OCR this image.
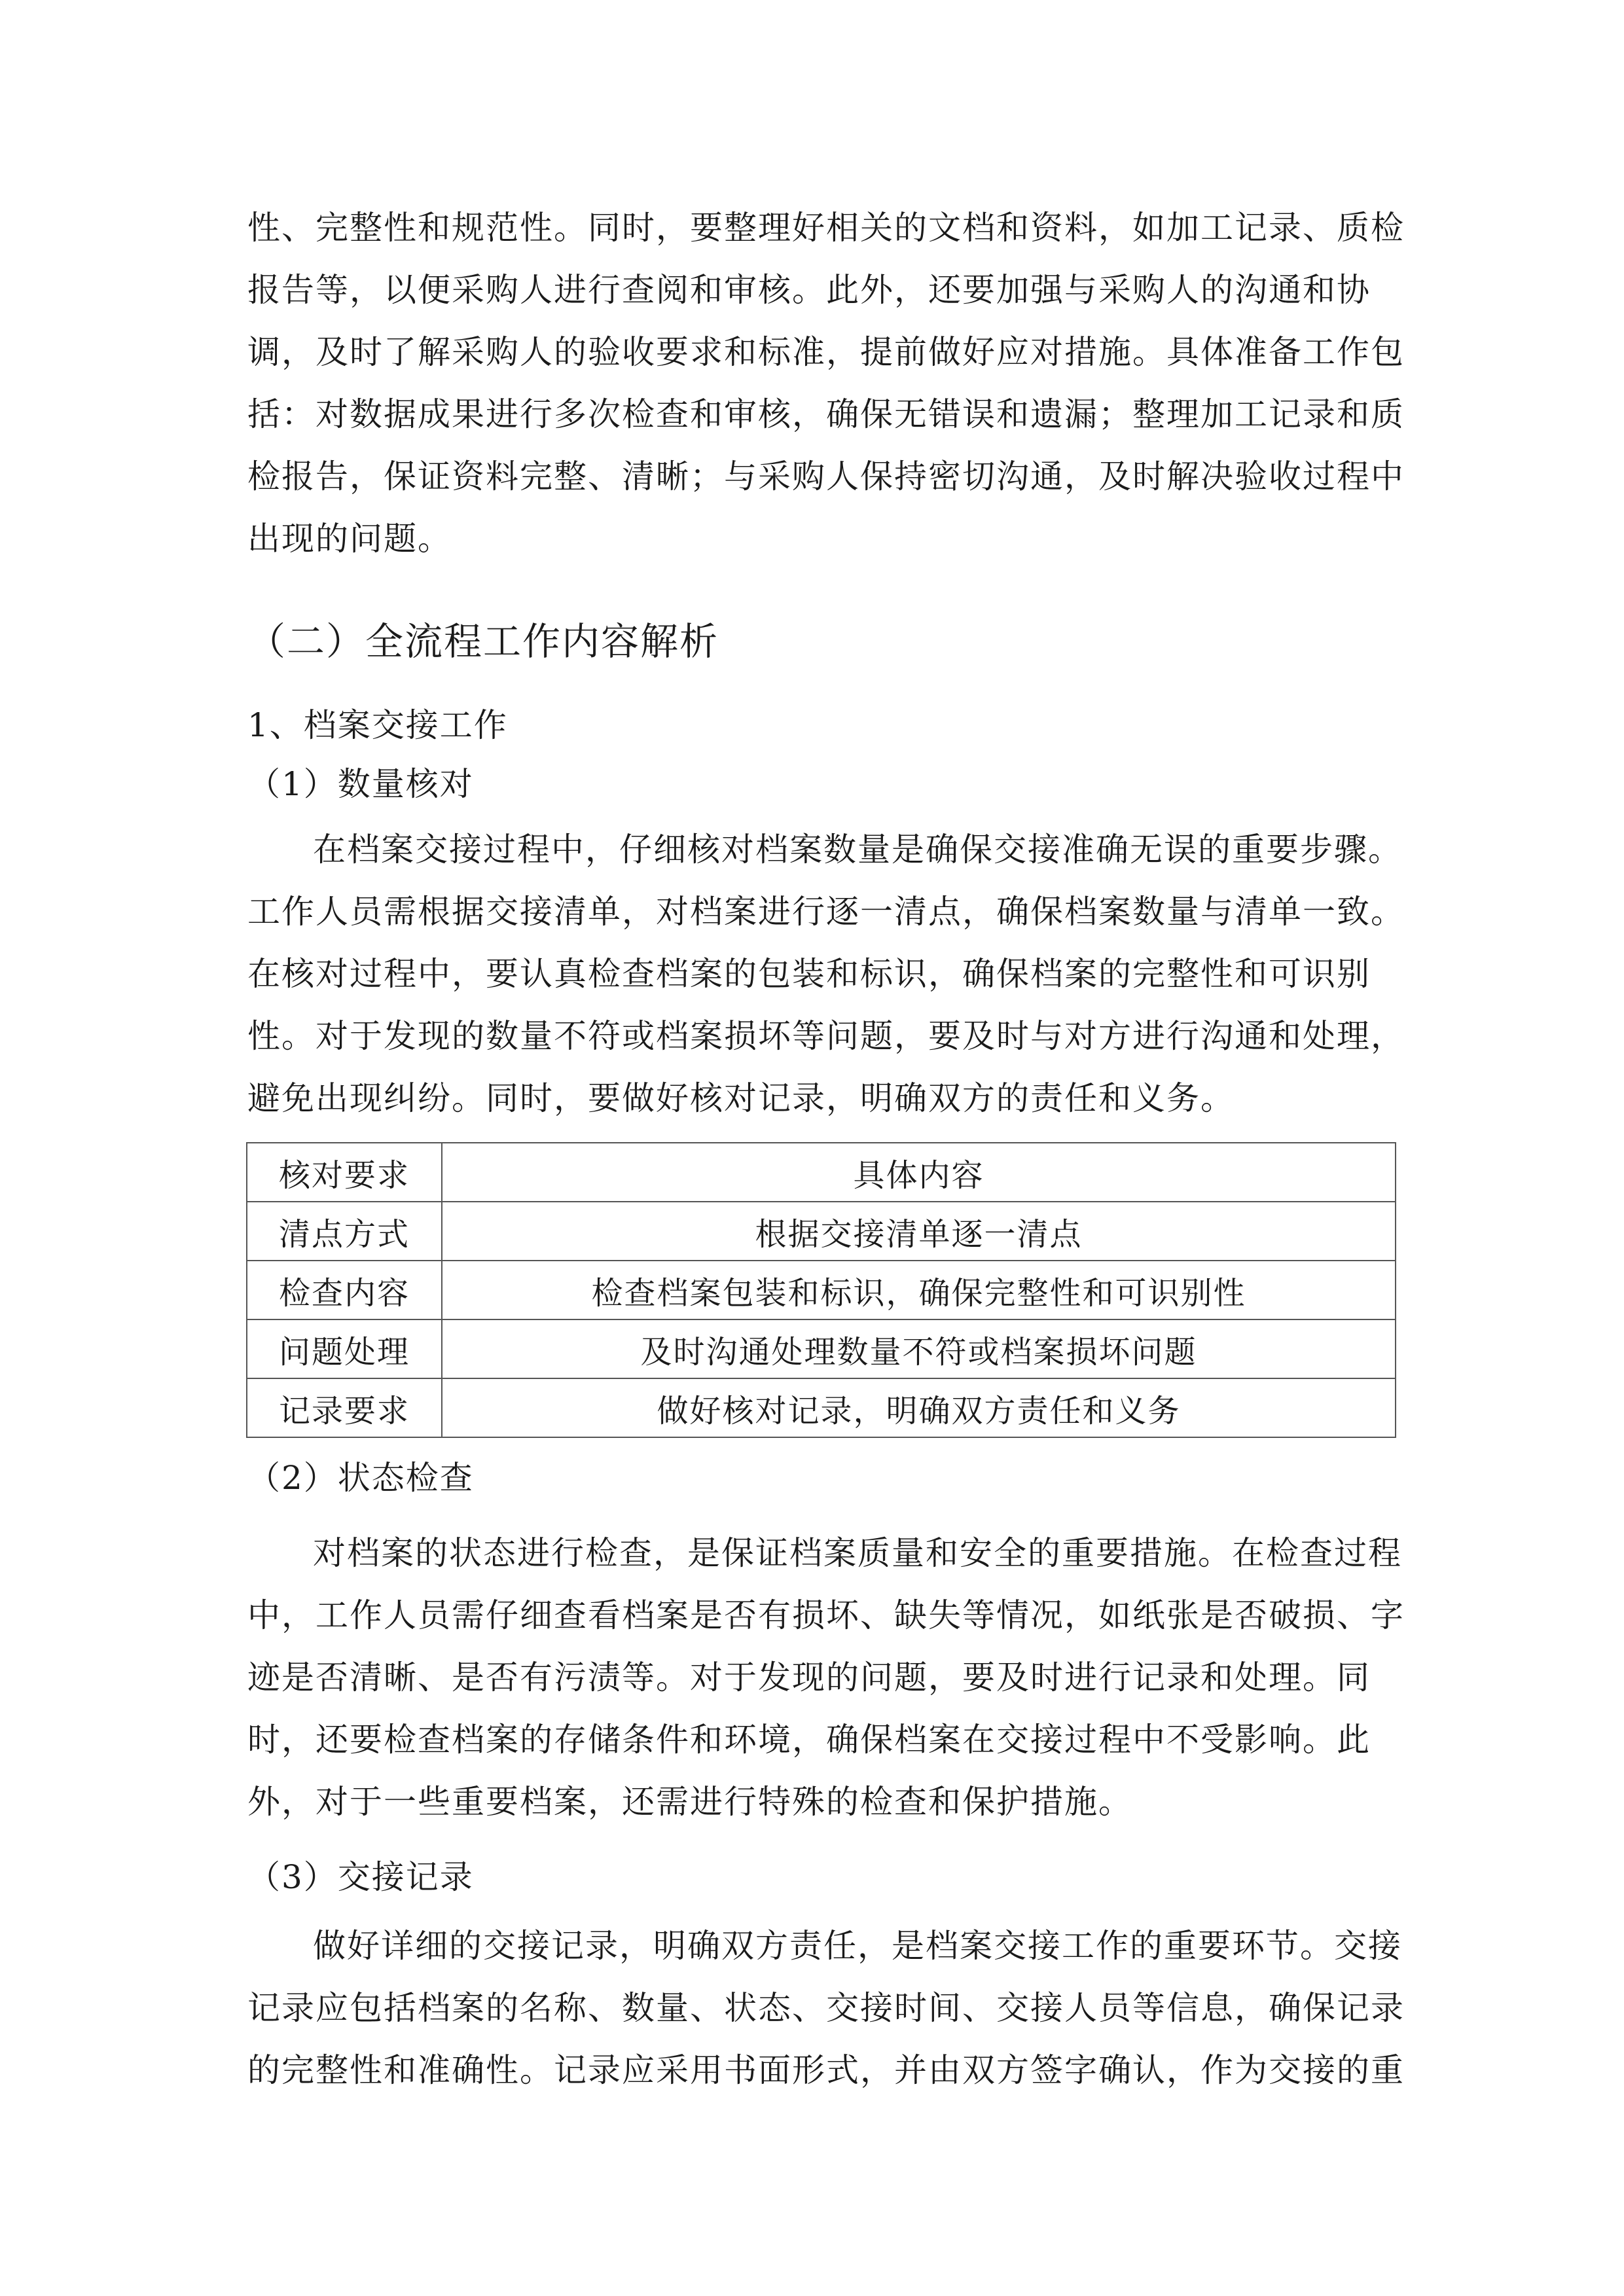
性、完整性和规范性。同时，要整理好相关的文档和资料，如加工记录、质检
报告等，以便采购人进行查阅和审核。此外，还要加强与采购人的沟通和协
调，及时了解采购人的验收要求和标准，提前做好应对措施。具体准备工作包
括：对数据成果进行多次检查和审核，确保无错误和遗漏；整理加工记录和质
检报告，保证资料完整、清晰；与采购人保持密切沟通，及时解决验收过程中
出现的问题。
（二）全流程工作内容解析
1、档案交接工作
（1）数量核对
在档案交接过程中，仔细核对档案数量是确保交接准确无误的重要步骤。
工作人员需根据交接清单，对档案进行逐一清点，确保档案数量与清单一致。
在核对过程中，要认真检查档案的包装和标识，确保档案的完整性和可识别
性。对于发现的数量不符或档案损坏等问题，要及时与对方进行沟通和处理，
避免出现纠纷。同时，要做好核对记录，明确双方的责任和义务。
核对要求	具体内容
清点方式	根据交接清单逐一清点
检查内容	检查档案包装和标识，确保完整性和可识别性
问题处理	及时沟通处理数量不符或档案损坏问题
记录要求	做好核对记录，明确双方责任和义务
（2）状态检查
对档案的状态进行检查，是保证档案质量和安全的重要措施。在检查过程
中，工作人员需仔细查看档案是否有损坏、缺失等情况，如纸张是否破损、字
迹是否清晰、是否有污渍等。对于发现的问题，要及时进行记录和处理。同
时，还要检查档案的存储条件和环境，确保档案在交接过程中不受影响。此
外，对于一些重要档案，还需进行特殊的检查和保护措施。
（3）交接记录
做好详细的交接记录，明确双方责任，是档案交接工作的重要环节。交接
记录应包括档案的名称、数量、状态、交接时间、交接人员等信息，确保记录
的完整性和准确性。记录应采用书面形式，并由双方签字确认，作为交接的重
